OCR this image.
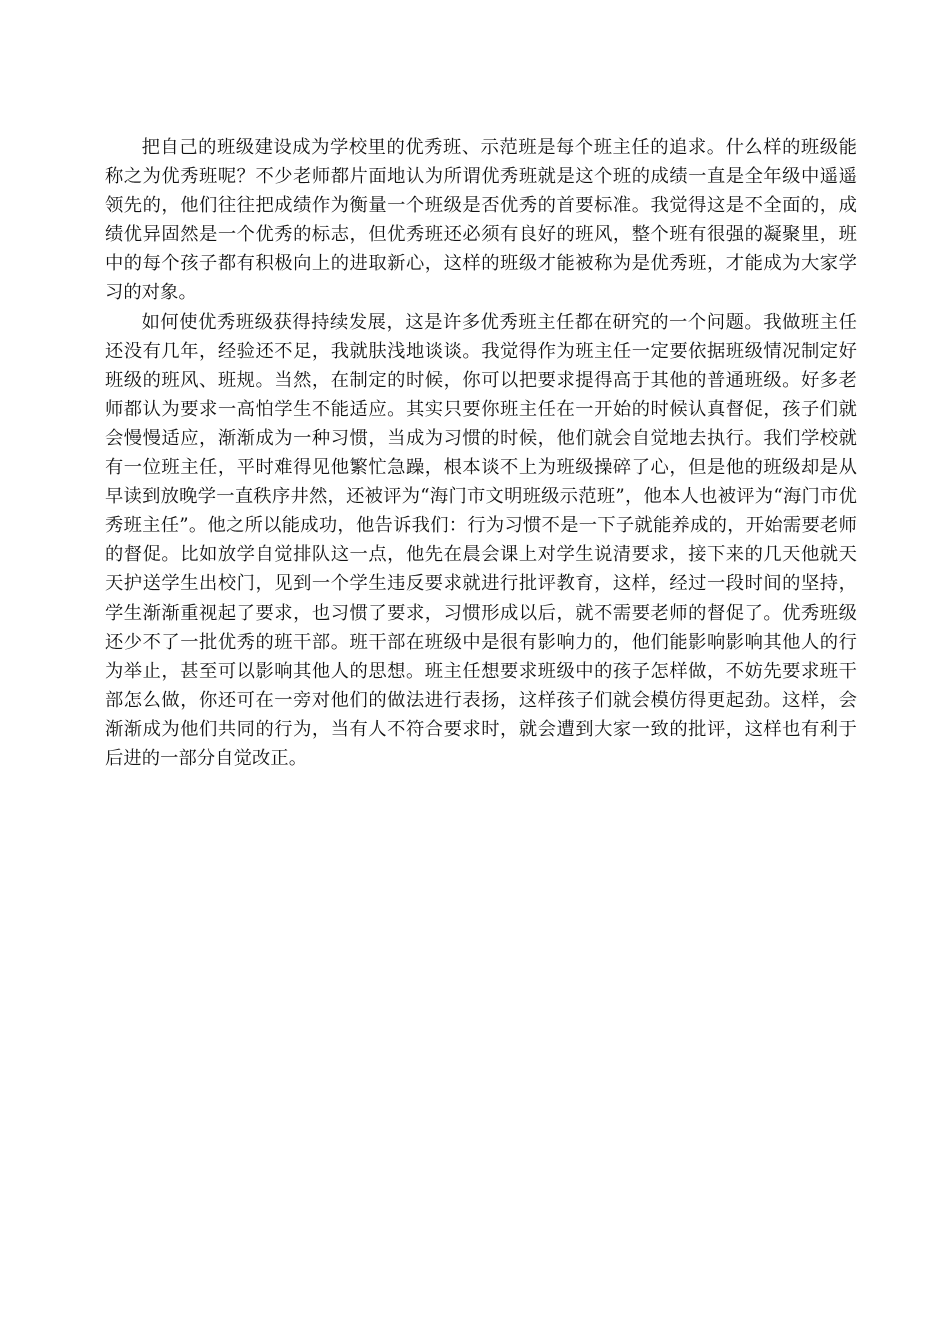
把自己的班级建设成为学校里的优秀班、示范班是每个班主任的追求。什么样的班级能称之为优秀班呢？不少老师都片面地认为所谓优秀班就是这个班的成绩一直是全年级中遥遥领先的，他们往往把成绩作为衡量一个班级是否优秀的首要标准。我觉得这是不全面的，成绩优异固然是一个优秀的标志，但优秀班还必须有良好的班风，整个班有很强的凝聚里，班中的每个孩子都有积极向上的进取新心，这样的班级才能被称为是优秀班，才能成为大家学习的对象。

如何使优秀班级获得持续发展，这是许多优秀班主任都在研究的一个问题。我做班主任还没有几年，经验还不足，我就肤浅地谈谈。我觉得作为班主任一定要依据班级情况制定好班级的班风、班规。当然，在制定的时候，你可以把要求提得高于其他的普通班级。好多老师都认为要求一高怕学生不能适应。其实只要你班主任在一开始的时候认真督促，孩子们就会慢慢适应，渐渐成为一种习惯，当成为习惯的时候，他们就会自觉地去执行。我们学校就有一位班主任，平时难得见他繁忙急躁，根本谈不上为班级操碎了心，但是他的班级却是从早读到放晚学一直秩序井然，还被评为“海门市文明班级示范班”，他本人也被评为“海门市优秀班主任”。他之所以能成功，他告诉我们：行为习惯不是一下子就能养成的，开始需要老师的督促。比如放学自觉排队这一点，他先在晨会课上对学生说清要求，接下来的几天他就天天护送学生出校门，见到一个学生违反要求就进行批评教育，这样，经过一段时间的坚持，学生渐渐重视起了要求，也习惯了要求，习惯形成以后，就不需要老师的督促了。优秀班级还少不了一批优秀的班干部。班干部在班级中是很有影响力的，他们能影响影响其他人的行为举止，甚至可以影响其他人的思想。班主任想要求班级中的孩子怎样做，不妨先要求班干部怎么做，你还可在一旁对他们的做法进行表扬，这样孩子们就会模仿得更起劲。这样，会渐渐成为他们共同的行为，当有人不符合要求时，就会遭到大家一致的批评，这样也有利于后进的一部分自觉改正。
